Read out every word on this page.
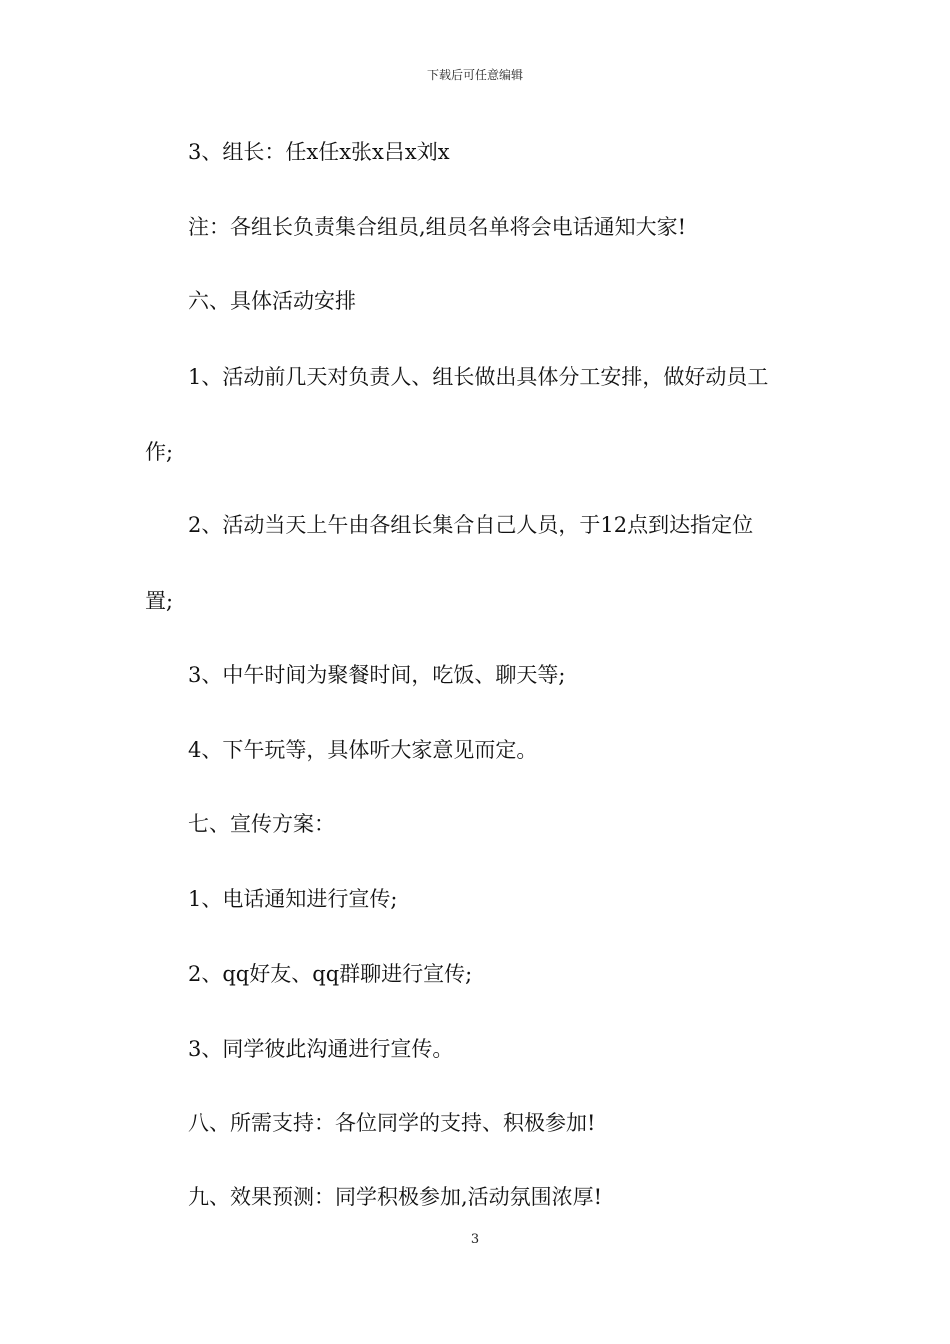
下载后可任意编辑
3、组长：任x任x张x吕x刘x
注：各组长负责集合组员,组员名单将会电话通知大家!
六、具体活动安排
1、活动前几天对负责人、组长做出具体分工安排，做好动员工
作;
2、活动当天上午由各组长集合自己人员，于12点到达指定位
置;
3、中午时间为聚餐时间，吃饭、聊天等;
4、下午玩等，具体听大家意见而定。
七、宣传方案：
1、电话通知进行宣传;
2、qq好友、qq群聊进行宣传;
3、同学彼此沟通进行宣传。
八、所需支持：各位同学的支持、积极参加!
九、效果预测：同学积极参加,活动氛围浓厚!
3
